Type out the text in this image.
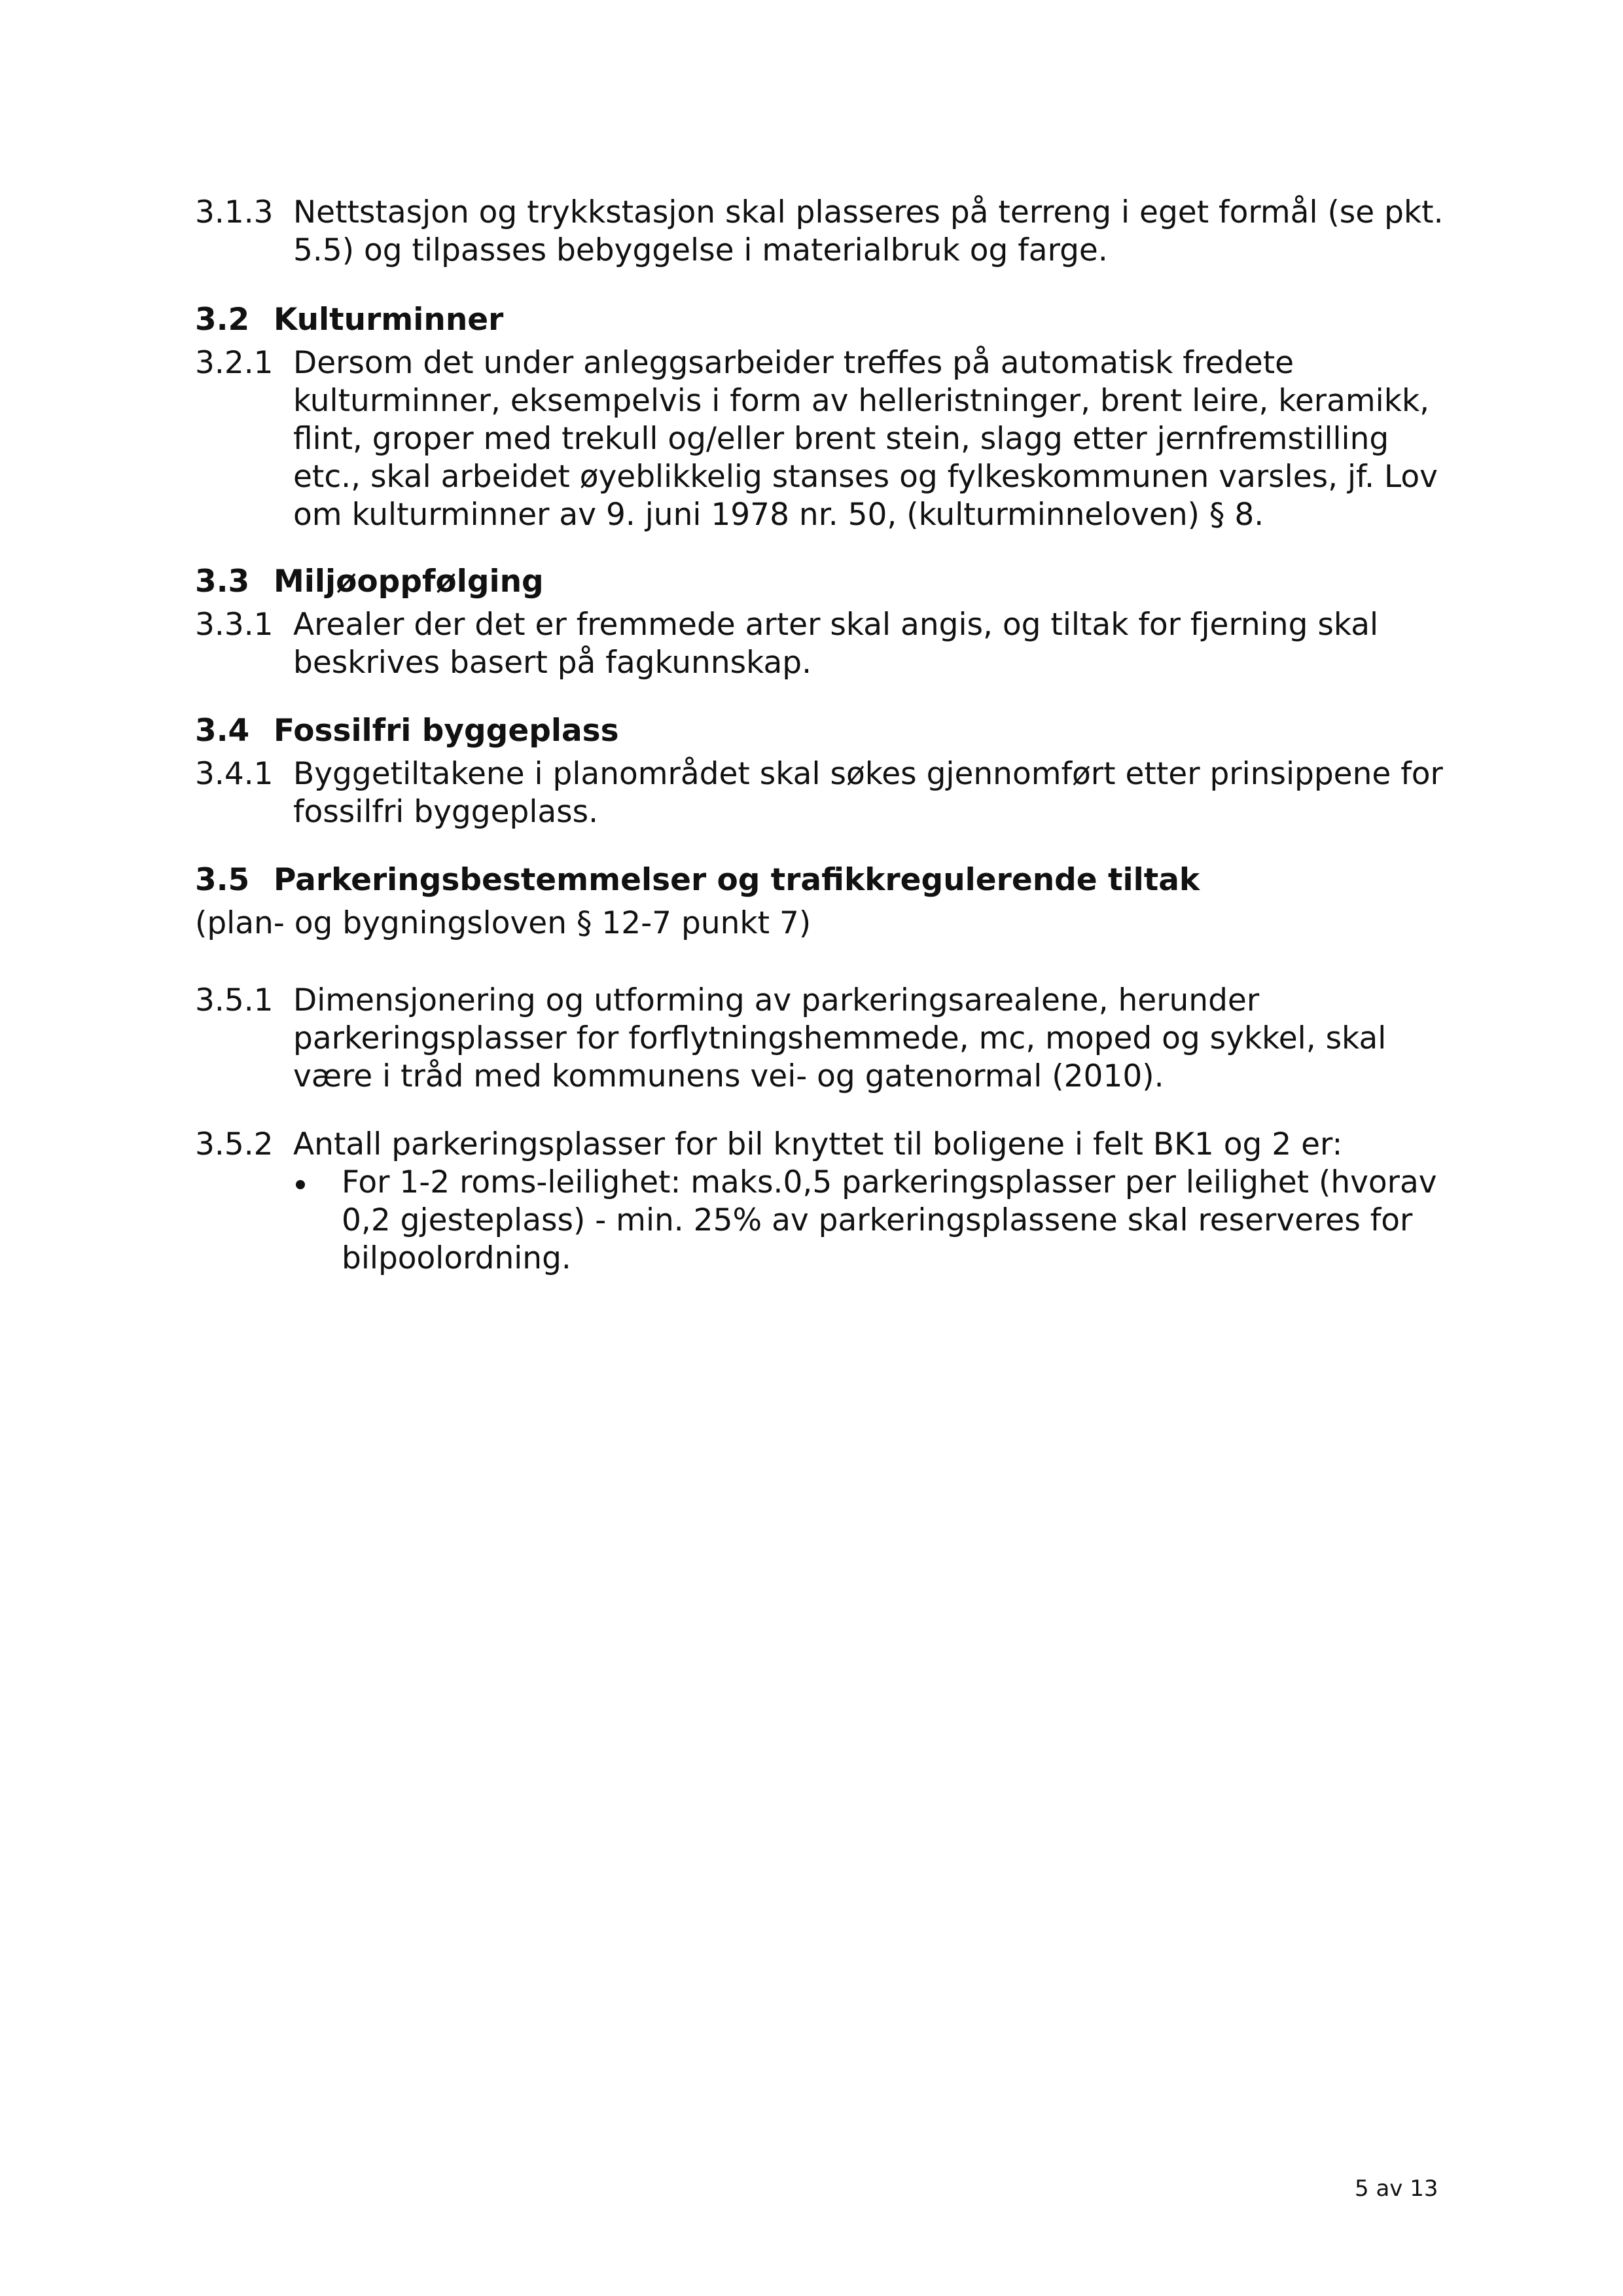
3.1.3 Nettstasjon og trykkstasjon skal plasseres på terreng i eget formål (se pkt.
5.5) og tilpasses bebyggelse i materialbruk og farge.
3.2 Kulturminner
3.2.1 Dersom det under anleggsarbeider treffes på automatisk fredete
kulturminner, eksempelvis i form av helleristninger, brent leire, keramikk,
flint, groper med trekull og/eller brent stein, slagg etter jernfremstilling
etc., skal arbeidet øyeblikkelig stanses og fylkeskommunen varsles, jf. Lov
om kulturminner av 9. juni 1978 nr. 50, (kulturminneloven) § 8.
3.3 Miljøoppfølging
3.3.1 Arealer der det er fremmede arter skal angis, og tiltak for fjerning skal
beskrives basert på fagkunnskap.
3.4 Fossilfri byggeplass
3.4.1 Byggetiltakene i planområdet skal søkes gjennomført etter prinsippene for
fossilfri byggeplass.
3.5 Parkeringsbestemmelser og trafikkregulerende tiltak
(plan- og bygningsloven § 12-7 punkt 7)
3.5.1 Dimensjonering og utforming av parkeringsarealene, herunder
parkeringsplasser for forflytningshemmede, mc, moped og sykkel, skal
være i tråd med kommunens vei- og gatenormal (2010).
3.5.2 Antall parkeringsplasser for bil knyttet til boligene i felt BK1 og 2 er:
For 1-2 roms-leilighet: maks.0,5 parkeringsplasser per leilighet (hvorav
0,2 gjesteplass) - min. 25% av parkeringsplassene skal reserveres for
bilpoolordning.
5 av 13
